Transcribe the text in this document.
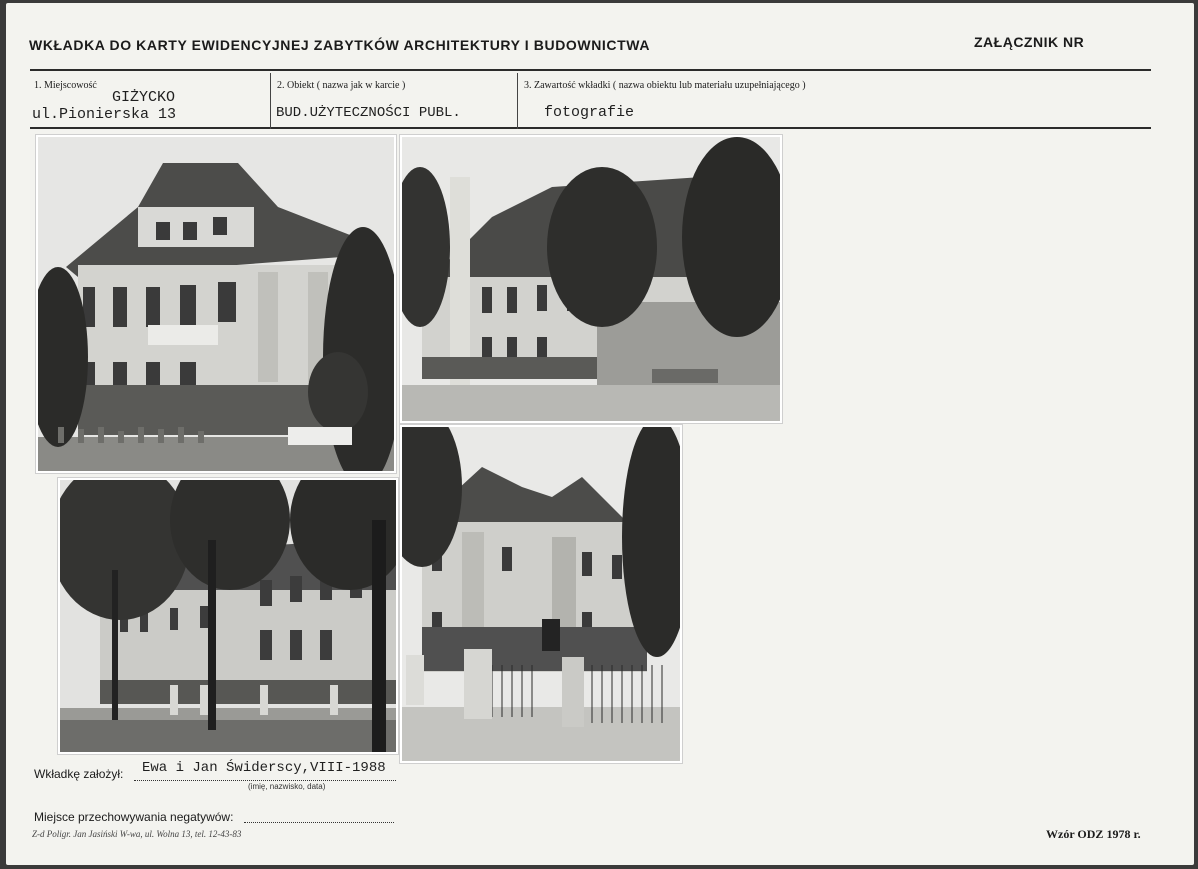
WKŁADKA DO KARTY EWIDENCYJNEJ ZABYTKÓW ARCHITEKTURY I BUDOWNICTWA	ZAŁĄCZNIK NR
1. Miejscowość
GIŻYCKO
ul.Pionierska 13
2. Obiekt ( nazwa jak w karcie )
BUD.UŻYTECZNOŚCI PUBL.
3. Zawartość wkładki ( nazwa obiektu lub materiału uzupełniającego )
fotografie
Wkładkę założył: Ewa i Jan Świderscy,VIII-1988
(imię, nazwisko, data)
Miejsce przechowywania negatywów:
Z-d Poligr. Jan Jasiński W-wa, ul. Wolna 13, tel. 12-43-83	Wzór ODZ 1978 r.
